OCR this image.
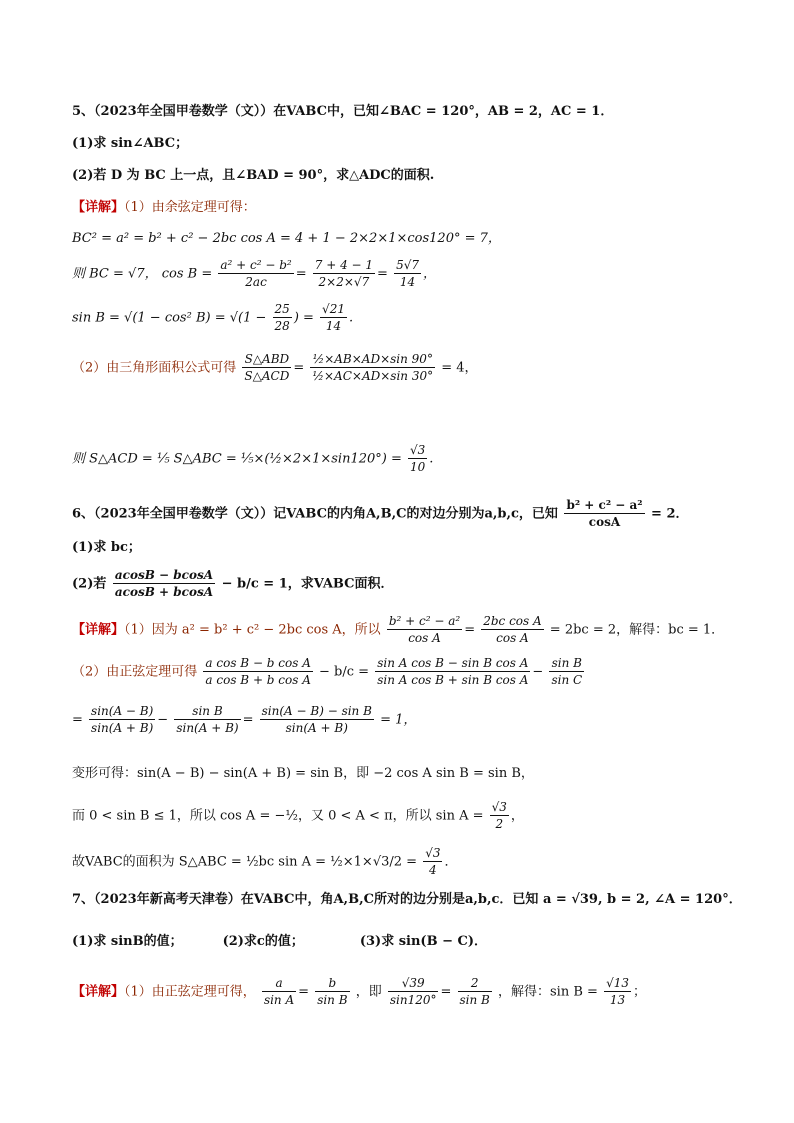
5、（2023年全国甲卷数学（文））在VABC中，已知∠BAC = 120°，AB = 2，AC = 1．
(1)求 sin∠ABC；
(2)若 D 为 BC 上一点，且∠BAD = 90°，求△ADC的面积.
【详解】（1）由余弦定理可得：
BC² = a² = b² + c² − 2bc cos A = 4 + 1 − 2×2×1×cos120° = 7，
则 BC = √7， $\cos B = \frac{\text{a² + c² − b²}}{2ac} = \frac{7 + 4 - 1}{2\times 2\times√7} = \frac{5√7}{14}$ ，
sin B = √(1 − cos² $B) = √(1 - \frac{25}{28}$ ) = $\frac{√21}{14}$ .
（2）由三角形面积公式可得 $\frac{\text{S△ABD}}{\text{S△ACD}} = \frac{\text{½×AB×AD×sin 90°}}{\text{½×AC×AD×sin 30°}} = 4$，
则 S△ACD = ⅕ S△ABC = ⅕×(½×2×1×sin120°) = $\frac{√3}{10}$ .
6、（2023年全国甲卷数学（文））记VABC的内角A,B,C的对边分别为a,b,c，已知 $\frac{\text{b² + c² − a²}}{\cos A} = 2$．
(1)求 bc；
(2)若 $\frac{acosB - bcosA}{acosB + bcosA} - b/c = 1$，求VABC面积．
【详解】（1）因为 a² = b² + c² − 2bc cos A，所以 $\frac{\text{b² + c² − a²}}{\text{cos A}} = \frac{\text{2bc cos A}}{\text{cos A}} = 2bc = 2$，解得：bc = 1．
（2）由正弦定理可得 $\frac{\text{a cos B − b cos A}}{\text{a cos B + b cos A}} - b/c = \frac{\text{sin A cos B − sin B cos A}}{\text{sin A cos B + sin B cos A}} - \frac{\text{sin B}}{\text{sin C}}$
= $\frac{\sin(A - B)}{\sin(A + B)} - \frac{\text{sin B}}{\sin(A + B)} = \frac{\text{sin(A − B) − sin B}}{\sin(A + B)} = 1$，
变形可得：sin(A − B) − sin(A + B) = sin B，即 −2 cos A sin B = sin B，
而 0 < sin B ≤ 1，所以 cos A = −½，又 0 < A < π，所以 $\sin A = \frac{√3}{2}$ ，
故VABC的面积为 S△ABC = ½bc sin A = ½×1×√3/2 = $\frac{√3}{4}$ ．
7、（2023年新高考天津卷）在VABC中，角A,B,C所对的边分别是a,b,c．已知 a = √39, b = 2, ∠A = 120°．
(1)求 sinB的值；	(2)求c的值；	(3)求 sin(B − C)．
【详解】（1）由正弦定理可得， $\frac{a}{\text{sin A}} = \frac{b}{\text{sin B}}$ ，即 $\frac{√39}{\sin 120^\circ} = \frac{2}{\text{sin B}}$ ，解得：$\sin B = \frac{√13}{13}$ ；
